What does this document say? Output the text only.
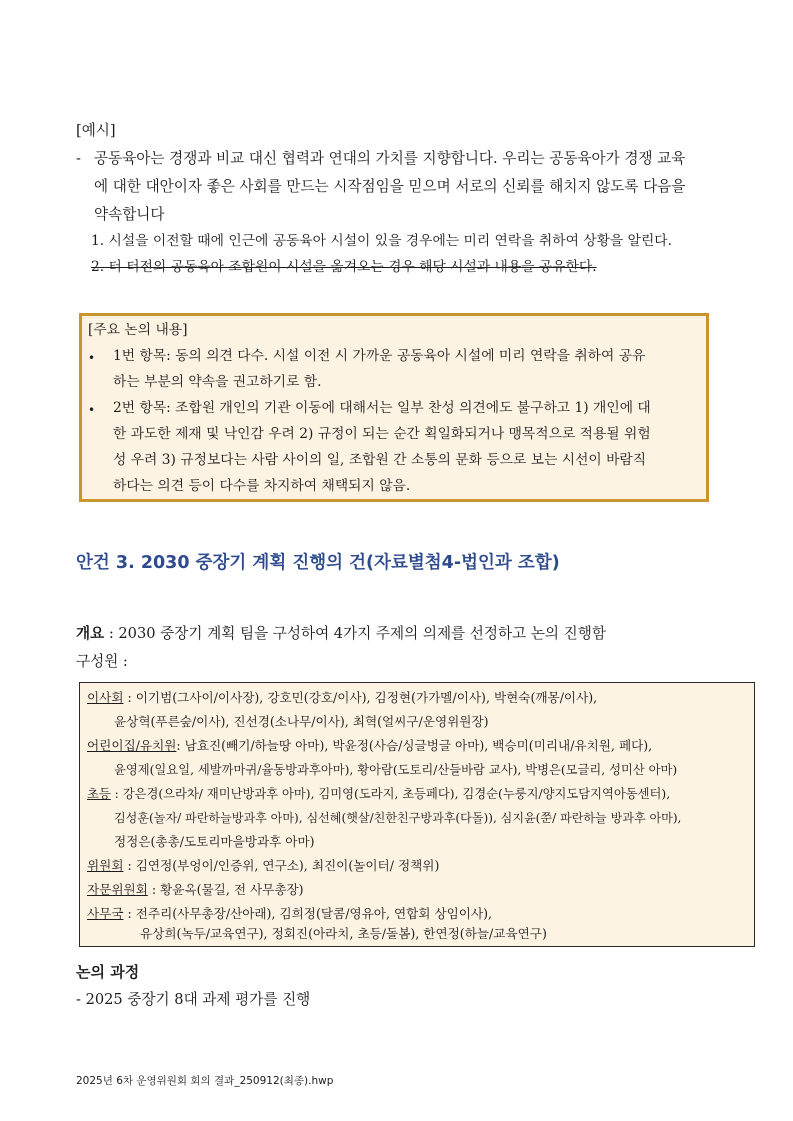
[예시]
- 공동육아는 경쟁과 비교 대신 협력과 연대의 가치를 지향합니다. 우리는 공동육아가 경쟁 교육
에 대한 대안이자 좋은 사회를 만드는 시작점임을 믿으며 서로의 신뢰를 해치지 않도록 다음을
약속합니다
1. 시설을 이전할 때에 인근에 공동육아 시설이 있을 경우에는 미리 연락을 취하여 상황을 알린다.
2. 터 터전의 공동육아 조합원이 시설을 옮겨오는 경우 해당 시설과 내용을 공유한다.
[주요 논의 내용]
• 1번 항목: 동의 의견 다수. 시설 이전 시 가까운 공동육아 시설에 미리 연락을 취하여 공유
하는 부분의 약속을 권고하기로 함.
• 2번 항목: 조합원 개인의 기관 이동에 대해서는 일부 찬성 의견에도 불구하고 1) 개인에 대
한 과도한 제재 및 낙인감 우려 2) 규정이 되는 순간 획일화되거나 맹목적으로 적용될 위험
성 우려 3) 규정보다는 사람 사이의 일, 조합원 간 소통의 문화 등으로 보는 시선이 바람직
하다는 의견 등이 다수를 차지하여 채택되지 않음.
안건 3. 2030 중장기 계획 진행의 건(자료별첨4-법인과 조합)
개요 : 2030 중장기 계획 팀을 구성하여 4가지 주제의 의제를 선정하고 논의 진행함
구성원 :
이사회 : 이기범(그사이/이사장), 강호민(강호/이사), 김정현(가가멜/이사), 박현숙(깨몽/이사),
윤상혁(푸른숲/이사), 진선경(소나무/이사), 최혁(얼씨구/운영위원장)
어린이집/유치원: 남효진(빼기/하늘땅 아마), 박윤정(사슴/싱글벙글 아마), 백승미(미리내/유치원, 페다),
윤영제(일요일, 세발까마귀/율동방과후아마), 황아람(도토리/산들바람 교사), 박병은(모글리, 성미산 아마)
초등 : 강은경(으라차/ 재미난방과후 아마), 김미영(도라지, 초등페다), 김경순(누룽지/양지도담지역아동센터),
김성훈(놀자/ 파란하늘방과후 아마), 심선혜(햇살/친한친구방과후(다돌)), 심지윤(쭌/ 파란하늘 방과후 아마),
정정은(총총/도토리마을방과후 아마)
위원회 : 김연정(부엉이/인증위, 연구소), 최진이(놀이터/ 정책위)
자문위원회 : 황윤옥(물길, 전 사무총장)
사무국 : 전주리(사무총장/산아래), 김희정(달콤/영유아, 연합회 상임이사),
유상희(녹두/교육연구), 정회진(아라치, 초등/돌봄), 한연정(하늘/교육연구)
논의 과정
- 2025 중장기 8대 과제 평가를 진행
2025년 6차 운영위원회 회의 결과_250912(최종).hwp
